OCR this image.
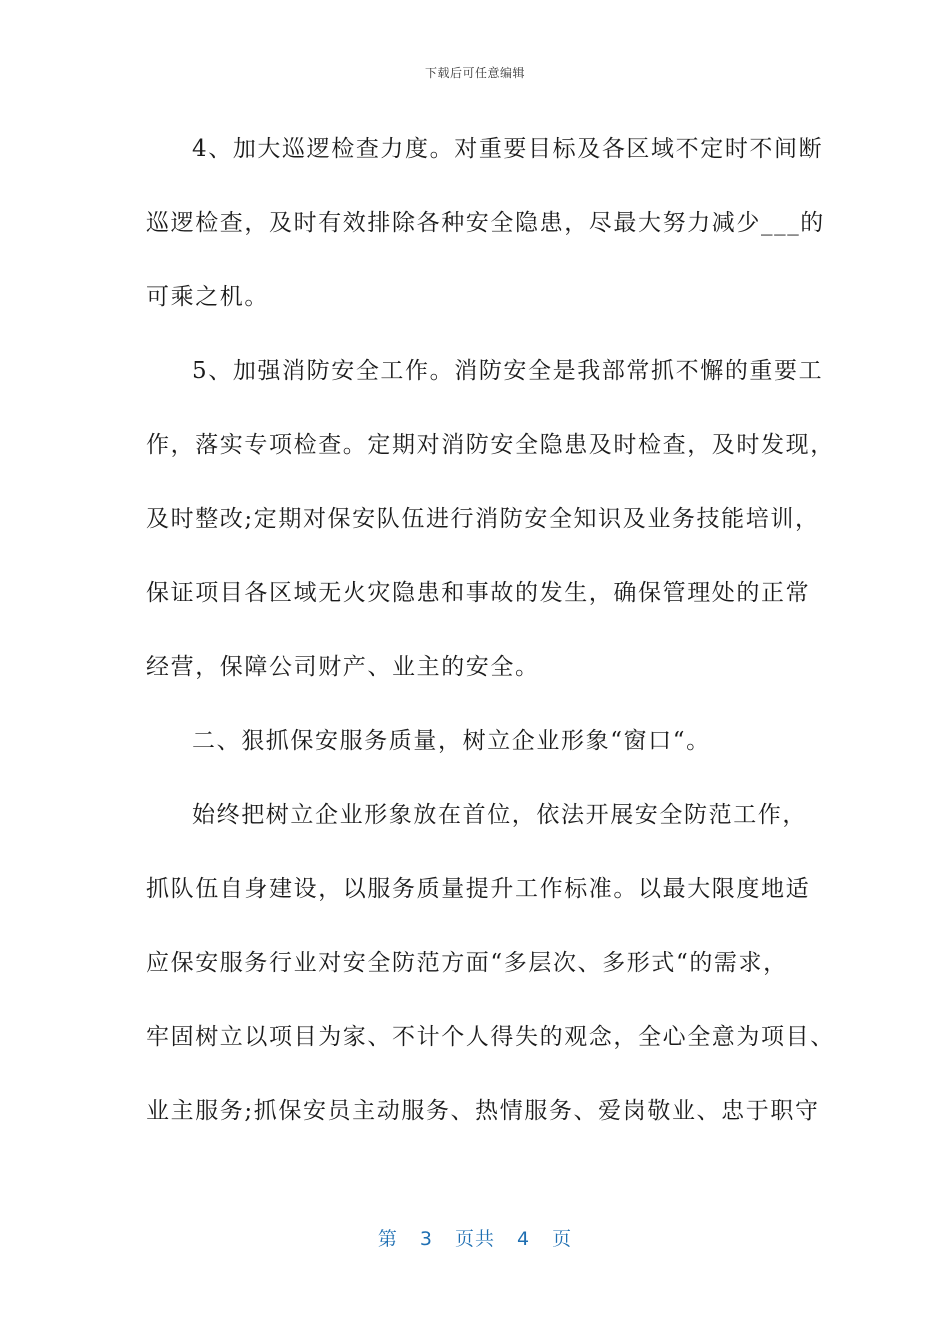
下载后可任意编辑
4、加大巡逻检查力度。对重要目标及各区域不定时不间断
巡逻检查，及时有效排除各种安全隐患，尽最大努力减少___的
可乘之机。
5、加强消防安全工作。消防安全是我部常抓不懈的重要工
作，落实专项检查。定期对消防安全隐患及时检查，及时发现，
及时整改;定期对保安队伍进行消防安全知识及业务技能培训，
保证项目各区域无火灾隐患和事故的发生，确保管理处的正常
经营，保障公司财产、业主的安全。
二、狠抓保安服务质量，树立企业形象“窗口“。
始终把树立企业形象放在首位，依法开展安全防范工作，
抓队伍自身建设，以服务质量提升工作标准。以最大限度地适
应保安服务行业对安全防范方面“多层次、多形式“的需求，
牢固树立以项目为家、不计个人得失的观念，全心全意为项目、
业主服务;抓保安员主动服务、热情服务、爱岗敬业、忠于职守
第 3 页共 4 页
